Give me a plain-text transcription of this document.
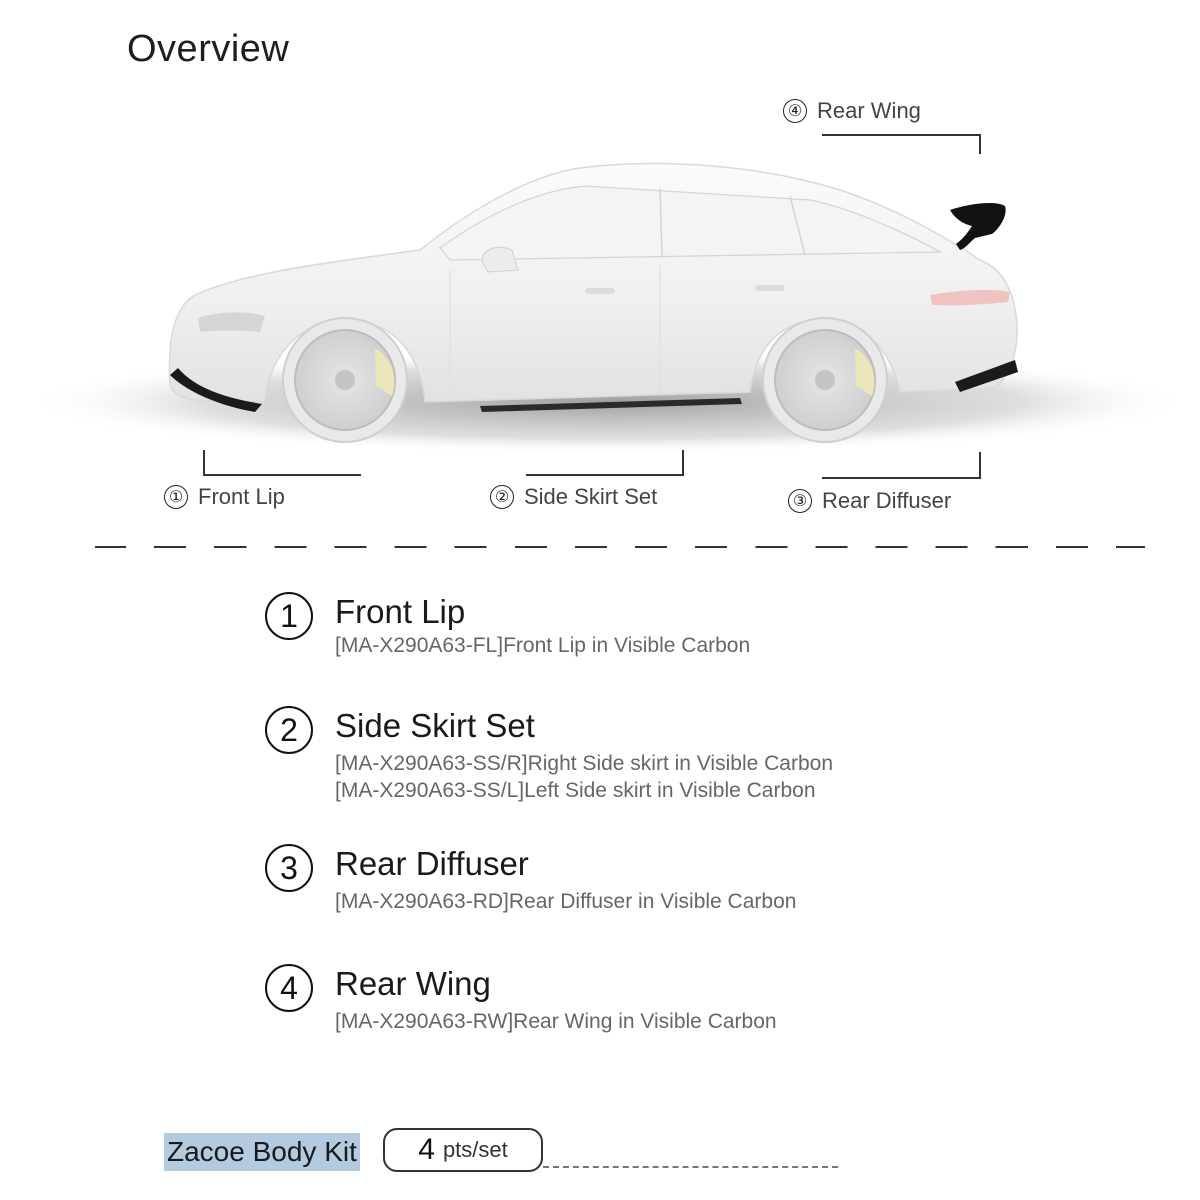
Overview
④ Rear Wing
① Front Lip	② Side Skirt Set	③ Rear Diffuser
1	Front Lip
[MA-X290A63-FL]Front Lip in Visible Carbon
2	Side Skirt Set
[MA-X290A63-SS/R]Right Side skirt in Visible Carbon
[MA-X290A63-SS/L]Left Side skirt in Visible Carbon
3	Rear Diffuser
[MA-X290A63-RD]Rear Diffuser in Visible Carbon
4	Rear Wing
[MA-X290A63-RW]Rear Wing in Visible Carbon
Zacoe Body Kit 4 pts/set
